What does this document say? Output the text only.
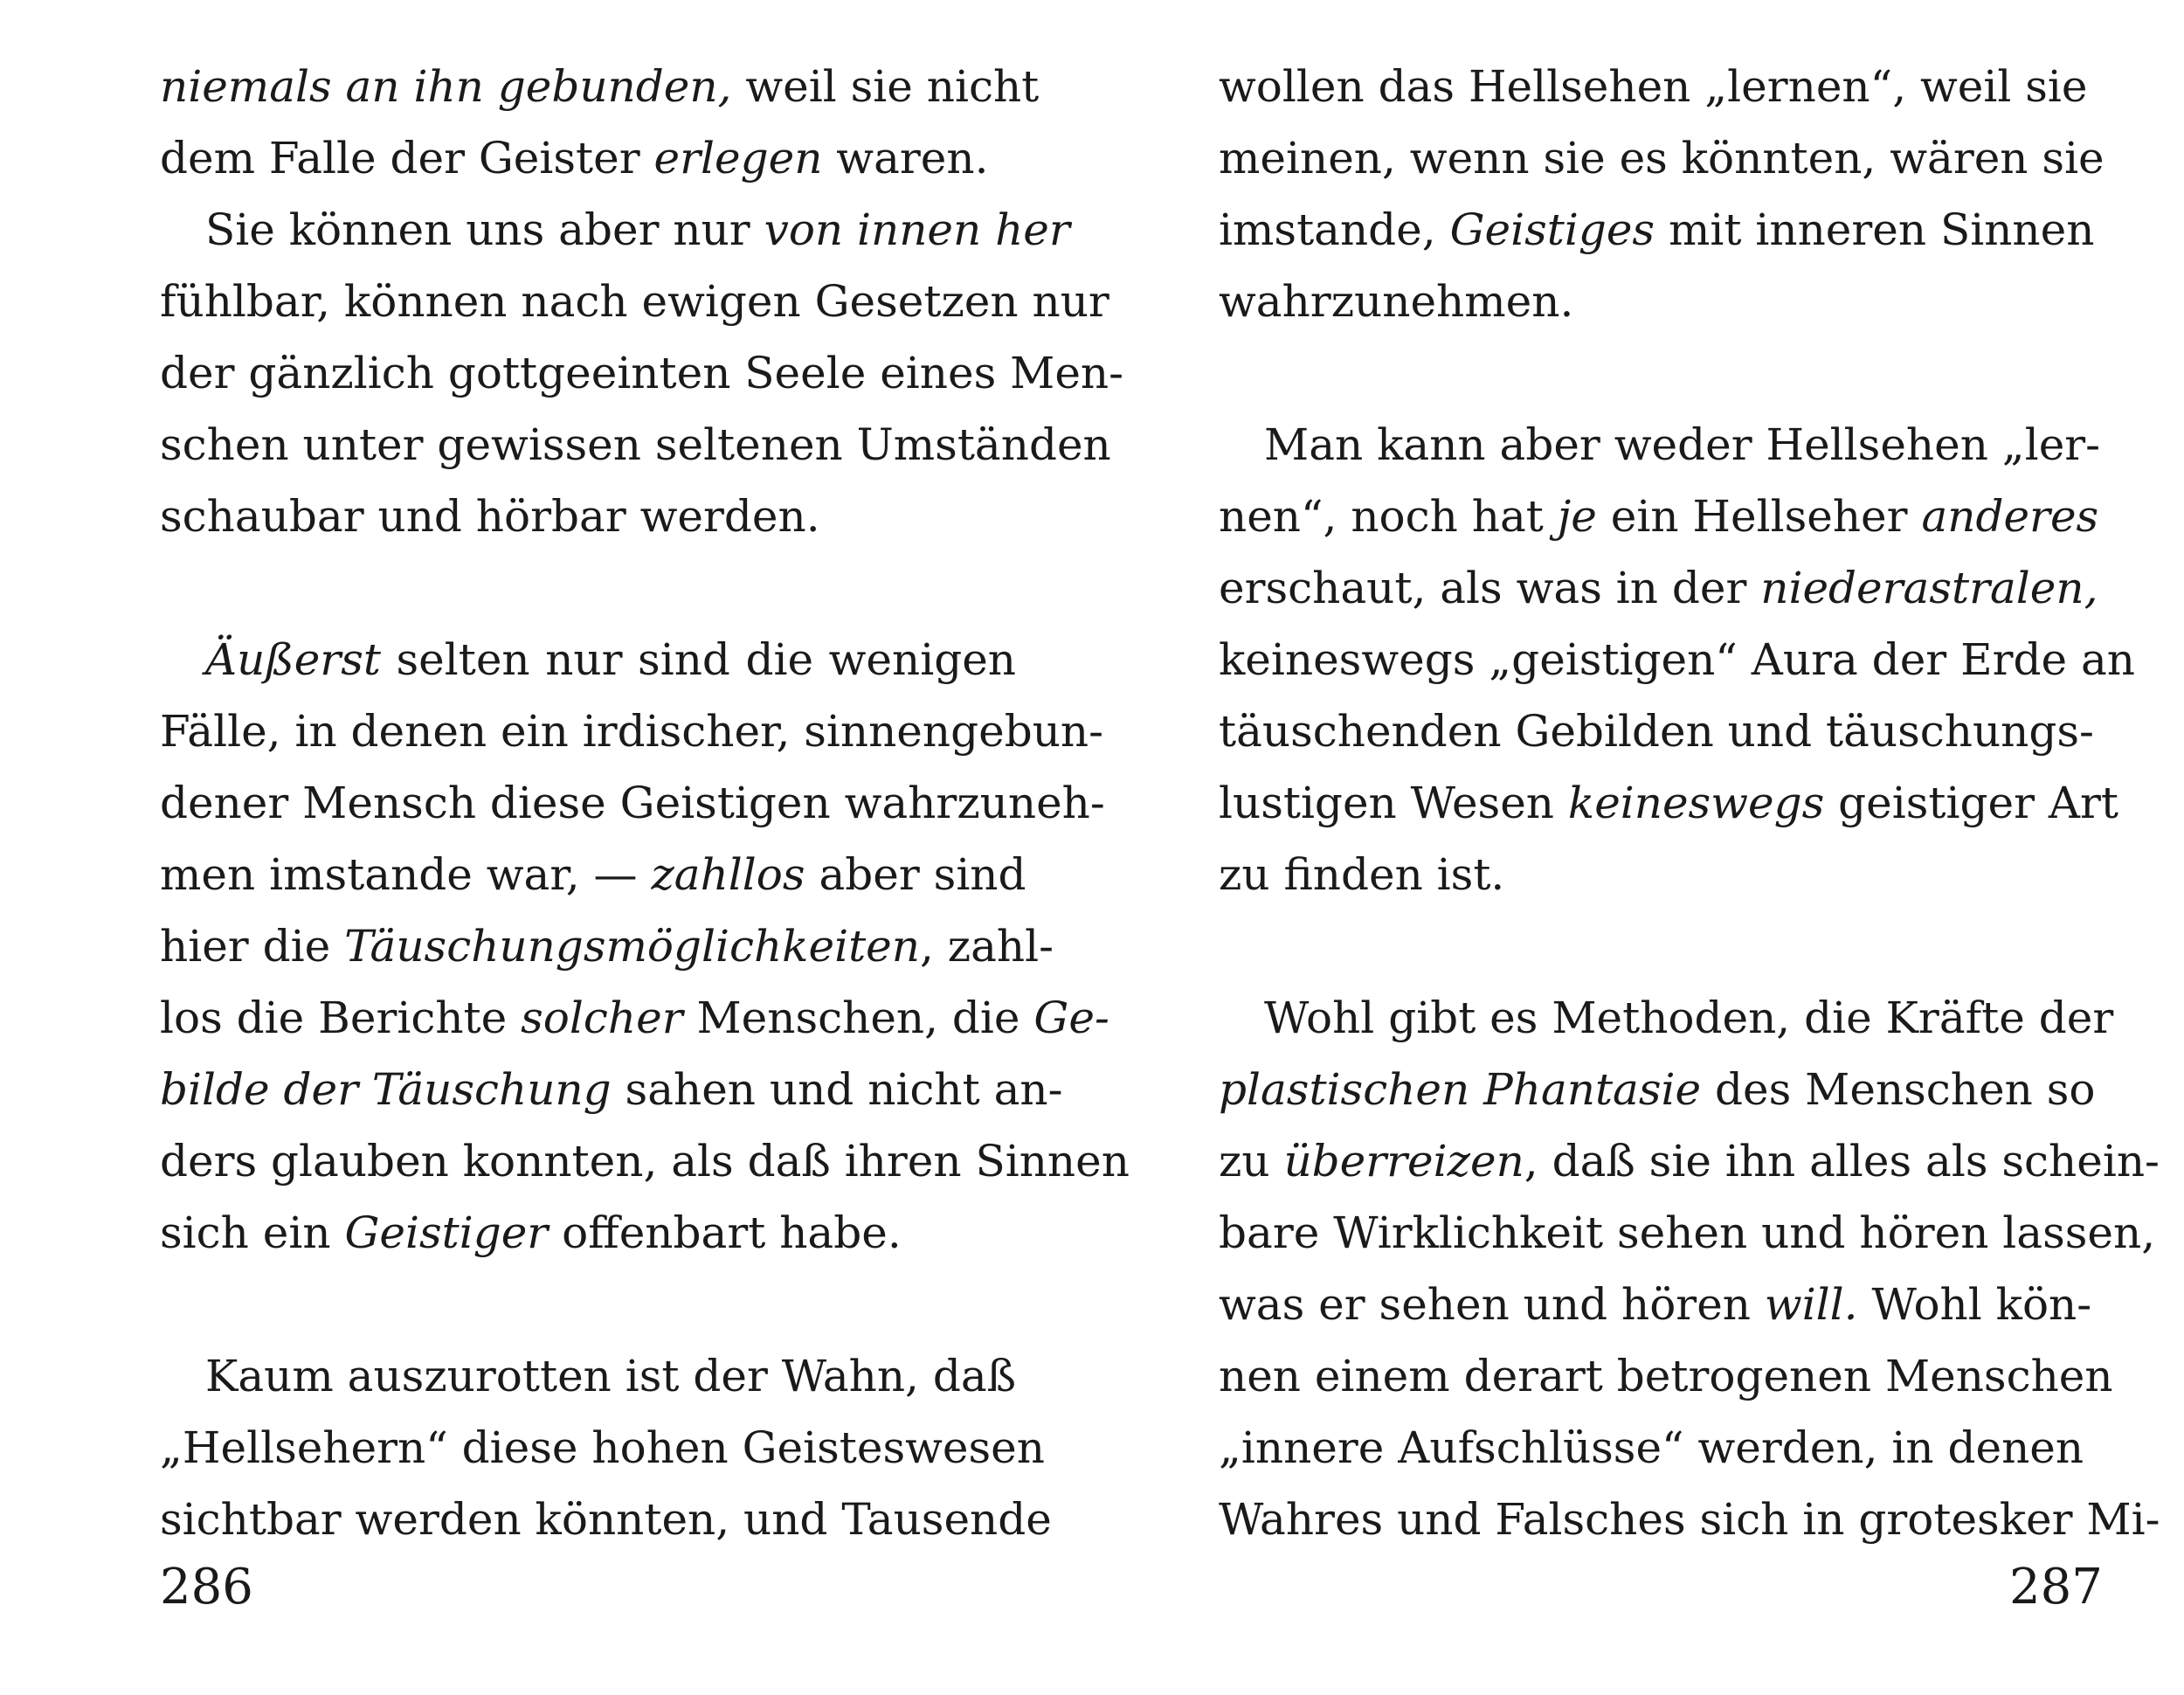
niemals an ihn gebunden, weil sie nicht
dem Falle der Geister erlegen waren.
Sie können uns aber nur von innen her
fühlbar, können nach ewigen Gesetzen nur
der gänzlich gottgeeinten Seele eines Men-
schen unter gewissen seltenen Umständen
schaubar und hörbar werden.
Äußerst selten nur sind die wenigen
Fälle, in denen ein irdischer, sinnengebun-
dener Mensch diese Geistigen wahrzuneh-
men imstande war, — zahllos aber sind
hier die Täuschungsmöglichkeiten, zahl-
los die Berichte solcher Menschen, die Ge-
bilde der Täuschung sahen und nicht an-
ders glauben konnten, als daß ihren Sinnen
sich ein Geistiger offenbart habe.
Kaum auszurotten ist der Wahn, daß
„Hellsehern“ diese hohen Geisteswesen
sichtbar werden könnten, und Tausende
wollen das Hellsehen „lernen“, weil sie
meinen, wenn sie es könnten, wären sie
imstande, Geistiges mit inneren Sinnen
wahrzunehmen.
Man kann aber weder Hellsehen „ler-
nen“, noch hat je ein Hellseher anderes
erschaut, als was in der niederastralen,
keineswegs „geistigen“ Aura der Erde an
täuschenden Gebilden und täuschungs-
lustigen Wesen keineswegs geistiger Art
zu finden ist.
Wohl gibt es Methoden, die Kräfte der
plastischen Phantasie des Menschen so
zu überreizen, daß sie ihn alles als schein-
bare Wirklichkeit sehen und hören lassen,
was er sehen und hören will. Wohl kön-
nen einem derart betrogenen Menschen
„innere Aufschlüsse“ werden, in denen
Wahres und Falsches sich in grotesker Mi-
286	287
